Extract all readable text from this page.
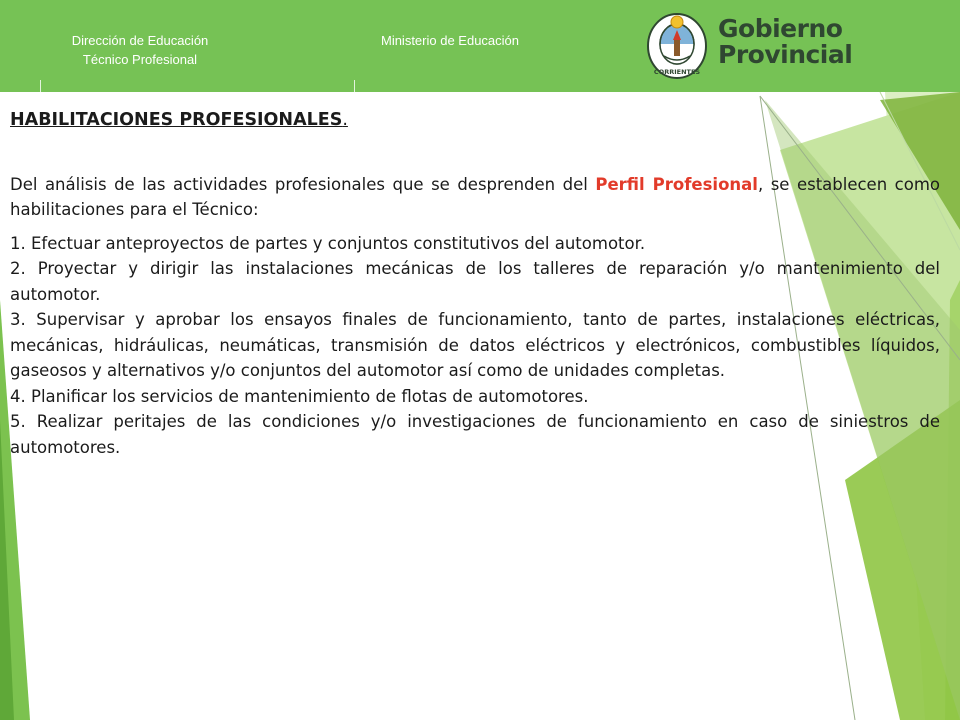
Dirección de Educación
Técnico Profesional
Ministerio de Educación
CORRIENTES
Gobierno
Provincial
HABILITACIONES PROFESIONALES.

Del análisis de las actividades profesionales que se desprenden del Perfil Profesional, se establecen como habilitaciones para el Técnico:

1. Efectuar anteproyectos de partes y conjuntos constitutivos del automotor.
2. Proyectar y dirigir las instalaciones mecánicas de los talleres de reparación y/o mantenimiento del automotor.
3. Supervisar y aprobar los ensayos finales de funcionamiento, tanto de partes, instalaciones eléctricas, mecánicas, hidráulicas, neumáticas, transmisión de datos eléctricos y electrónicos, combustibles líquidos, gaseosos y alternativos y/o conjuntos del automotor así como de unidades completas.
4. Planificar los servicios de mantenimiento de flotas de automotores.
5. Realizar peritajes de las condiciones y/o investigaciones de funcionamiento en caso de siniestros de automotores.
